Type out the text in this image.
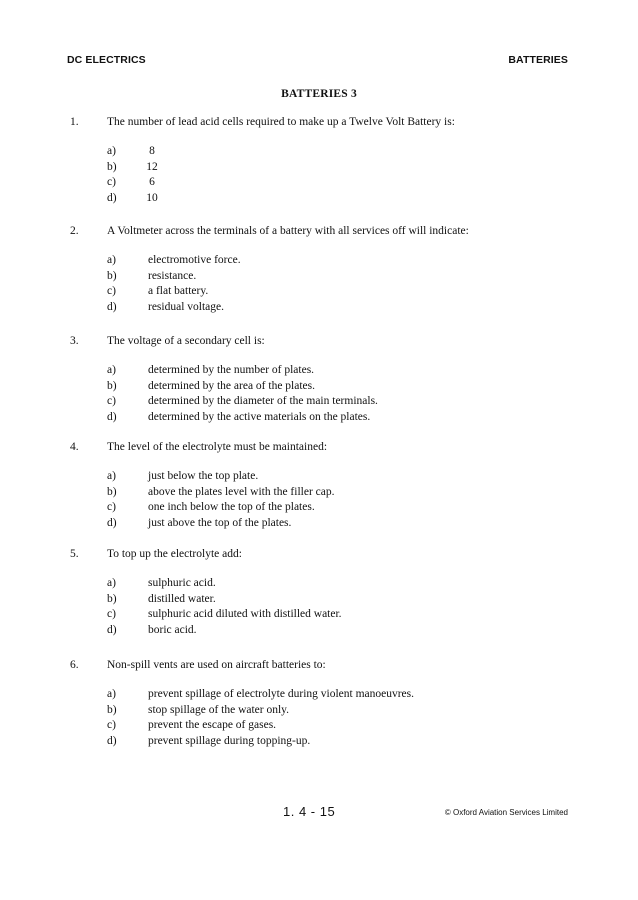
DC ELECTRICS	BATTERIES
BATTERIES 3
1. The number of lead acid cells required to make up a Twelve Volt Battery is:
a)	8
b)	12
c)	6
d)	10
2. A Voltmeter across the terminals of a battery with all services off will indicate:
a)	electromotive force.
b)	resistance.
c)	a flat battery.
d)	residual voltage.
3. The voltage of a secondary cell is:
a)	determined by the number of plates.
b)	determined by the area of the plates.
c)	determined by the diameter of the main terminals.
d)	determined by the active materials on the plates.
4. The level of the electrolyte must be maintained:
a)	just below the top plate.
b)	above the plates level with the filler cap.
c)	one inch below the top of the plates.
d)	just above the top of the plates.
5. To top up the electrolyte add:
a)	sulphuric acid.
b)	distilled water.
c)	sulphuric acid diluted with distilled water.
d)	boric acid.
6. Non-spill vents are used on aircraft batteries to:
a)	prevent spillage of electrolyte during violent manoeuvres.
b)	stop spillage of the water only.
c)	prevent the escape of gases.
d)	prevent spillage during topping-up.
1. 4 - 15	© Oxford Aviation Services Limited
